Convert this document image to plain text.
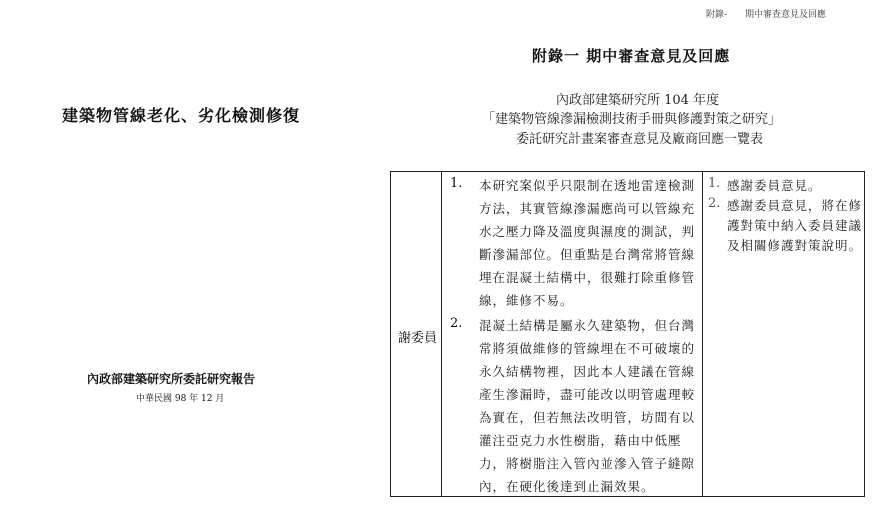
附錄- 期中審查意見及回應
建築物管線老化、劣化檢測修復
內政部建築研究所委託研究報告
中華民國 98 年 12 月
附錄一 期中審查意見及回應
內政部建築研究所 104 年度
「建築物管線滲漏檢測技術手冊與修護對策之研究」
委託研究計畫案審查意見及廠商回應一覽表
謝委員
1. 本研究案似乎只限制在透地雷達檢測
方法，其實管線滲漏應尚可以管線充
水之壓力降及溫度與濕度的測試，判
斷滲漏部位。但重點是台灣常將管線
埋在混凝土結構中，很難打除重修管
線，維修不易。
2. 混凝土結構是屬永久建築物，但台灣
常將須做維修的管線埋在不可破壞的
永久結構物裡，因此本人建議在管線
產生滲漏時，盡可能改以明管處理較
為實在，但若無法改明管，坊間有以
灌注亞克力水性樹脂，藉由中低壓
力，將樹脂注入管內並滲入管子縫隙
內，在硬化後達到止漏效果。
1. 感謝委員意見。
2. 感謝委員意見，將在修
護對策中納入委員建議
及相關修護對策說明。
